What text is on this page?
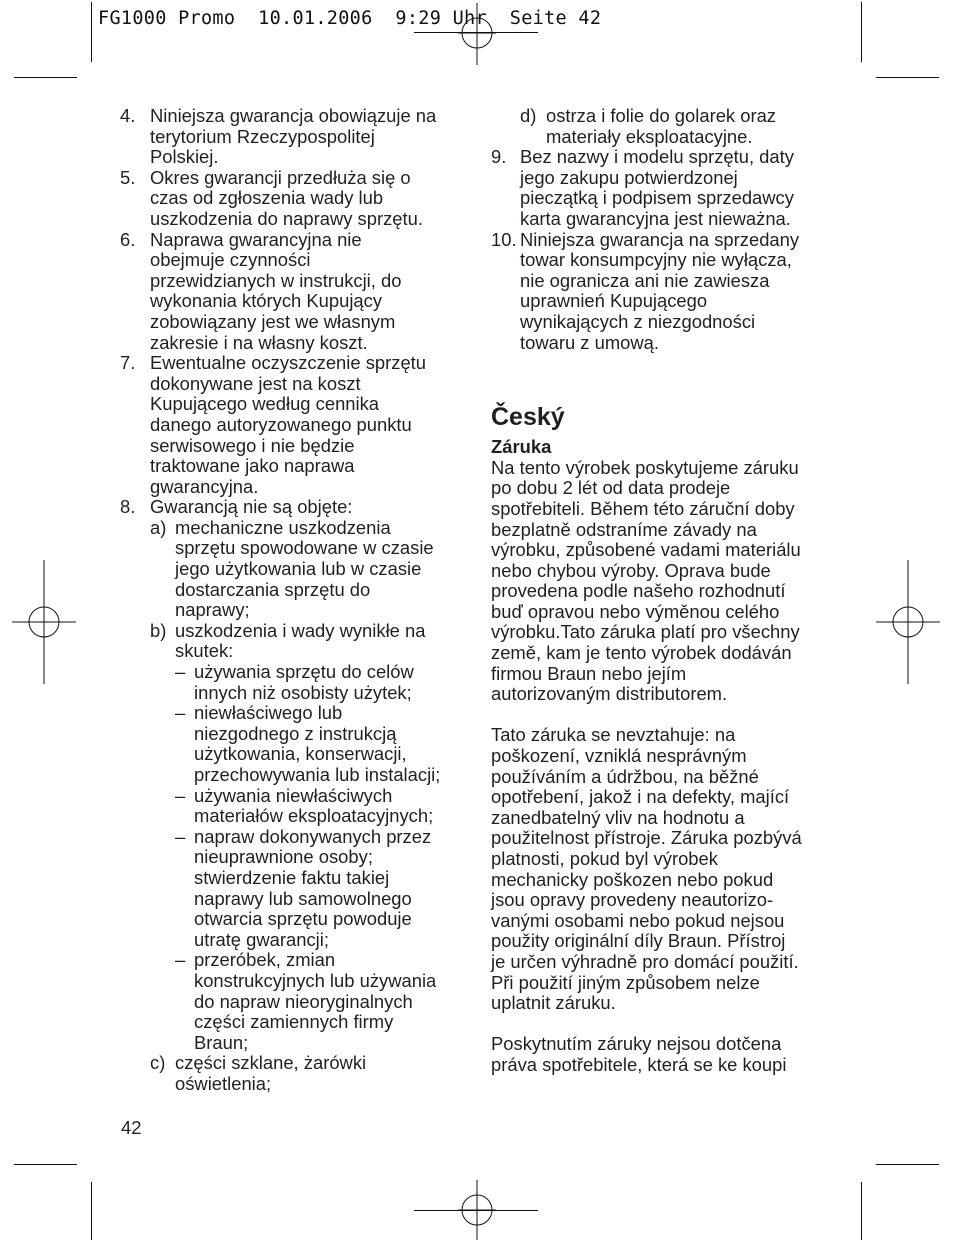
FG1000 Promo  10.01.2006  9:29 Uhr  Seite 42
4. Niniejsza gwarancja obowiązuje na
terytorium Rzeczypospolitej
Polskiej.
5. Okres gwarancji przedłuża się o
czas od zgłoszenia wady lub
uszkodzenia do naprawy sprzętu.
6. Naprawa gwarancyjna nie
obejmuje czynności
przewidzianych w instrukcji, do
wykonania których Kupujący
zobowiązany jest we własnym
zakresie i na własny koszt.
7. Ewentualne oczyszczenie sprzętu
dokonywane jest na koszt
Kupującego według cennika
danego autoryzowanego punktu
serwisowego i nie będzie
traktowane jako naprawa
gwarancyjna.
8. Gwarancją nie są objęte:
a) mechaniczne uszkodzenia
sprzętu spowodowane w czasie
jego użytkowania lub w czasie
dostarczania sprzętu do
naprawy;
b) uszkodzenia i wady wynikłe na
skutek:
– używania sprzętu do celów
innych niż osobisty użytek;
– niewłaściwego lub
niezgodnego z instrukcją
użytkowania, konserwacji,
przechowywania lub instalacji;
– używania niewłaściwych
materiałów eksploatacyjnych;
– napraw dokonywanych przez
nieuprawnione osoby;
stwierdzenie faktu takiej
naprawy lub samowolnego
otwarcia sprzętu powoduje
utratę gwarancji;
– przeróbek, zmian
konstrukcyjnych lub używania
do napraw nieoryginalnych
części zamiennych firmy
Braun;
c) części szklane, żarówki
oświetlenia;
d) ostrza i folie do golarek oraz
materiały eksploatacyjne.
9. Bez nazwy i modelu sprzętu, daty
jego zakupu potwierdzonej
pieczątką i podpisem sprzedawcy
karta gwarancyjna jest nieważna.
10. Niniejsza gwarancja na sprzedany
towar konsumpcyjny nie wyłącza,
nie ogranicza ani nie zawiesza
uprawnień Kupującego
wynikających z niezgodności
towaru z umową.
Český
Záruka
Na tento výrobek poskytujeme záruku
po dobu 2 lét od data prodeje
spotřebiteli. Během této záruční doby
bezplatně odstraníme závady na
výrobku, způsobené vadami materiálu
nebo chybou výroby. Oprava bude
provedena podle našeho rozhodnutí
buď opravou nebo výměnou celého
výrobku.Tato záruka platí pro všechny
země, kam je tento výrobek dodáván
firmou Braun nebo jejím
autorizovaným distributorem.
Tato záruka se nevztahuje: na
poškození, vzniklá nesprávným
používáním a údržbou, na běžné
opotřebení, jakož i na defekty, mající
zanedbatelný vliv na hodnotu a
použitelnost přístroje. Záruka pozbývá
platnosti, pokud byl výrobek
mechanicky poškozen nebo pokud
jsou opravy provedeny neautorizo-
vanými osobami nebo pokud nejsou
použity originální díly Braun. Přístroj
je určen výhradně pro domácí použití.
Při použití jiným způsobem nelze
uplatnit záruku.
Poskytnutím záruky nejsou dotčena
práva spotřebitele, která se ke koupi
42
